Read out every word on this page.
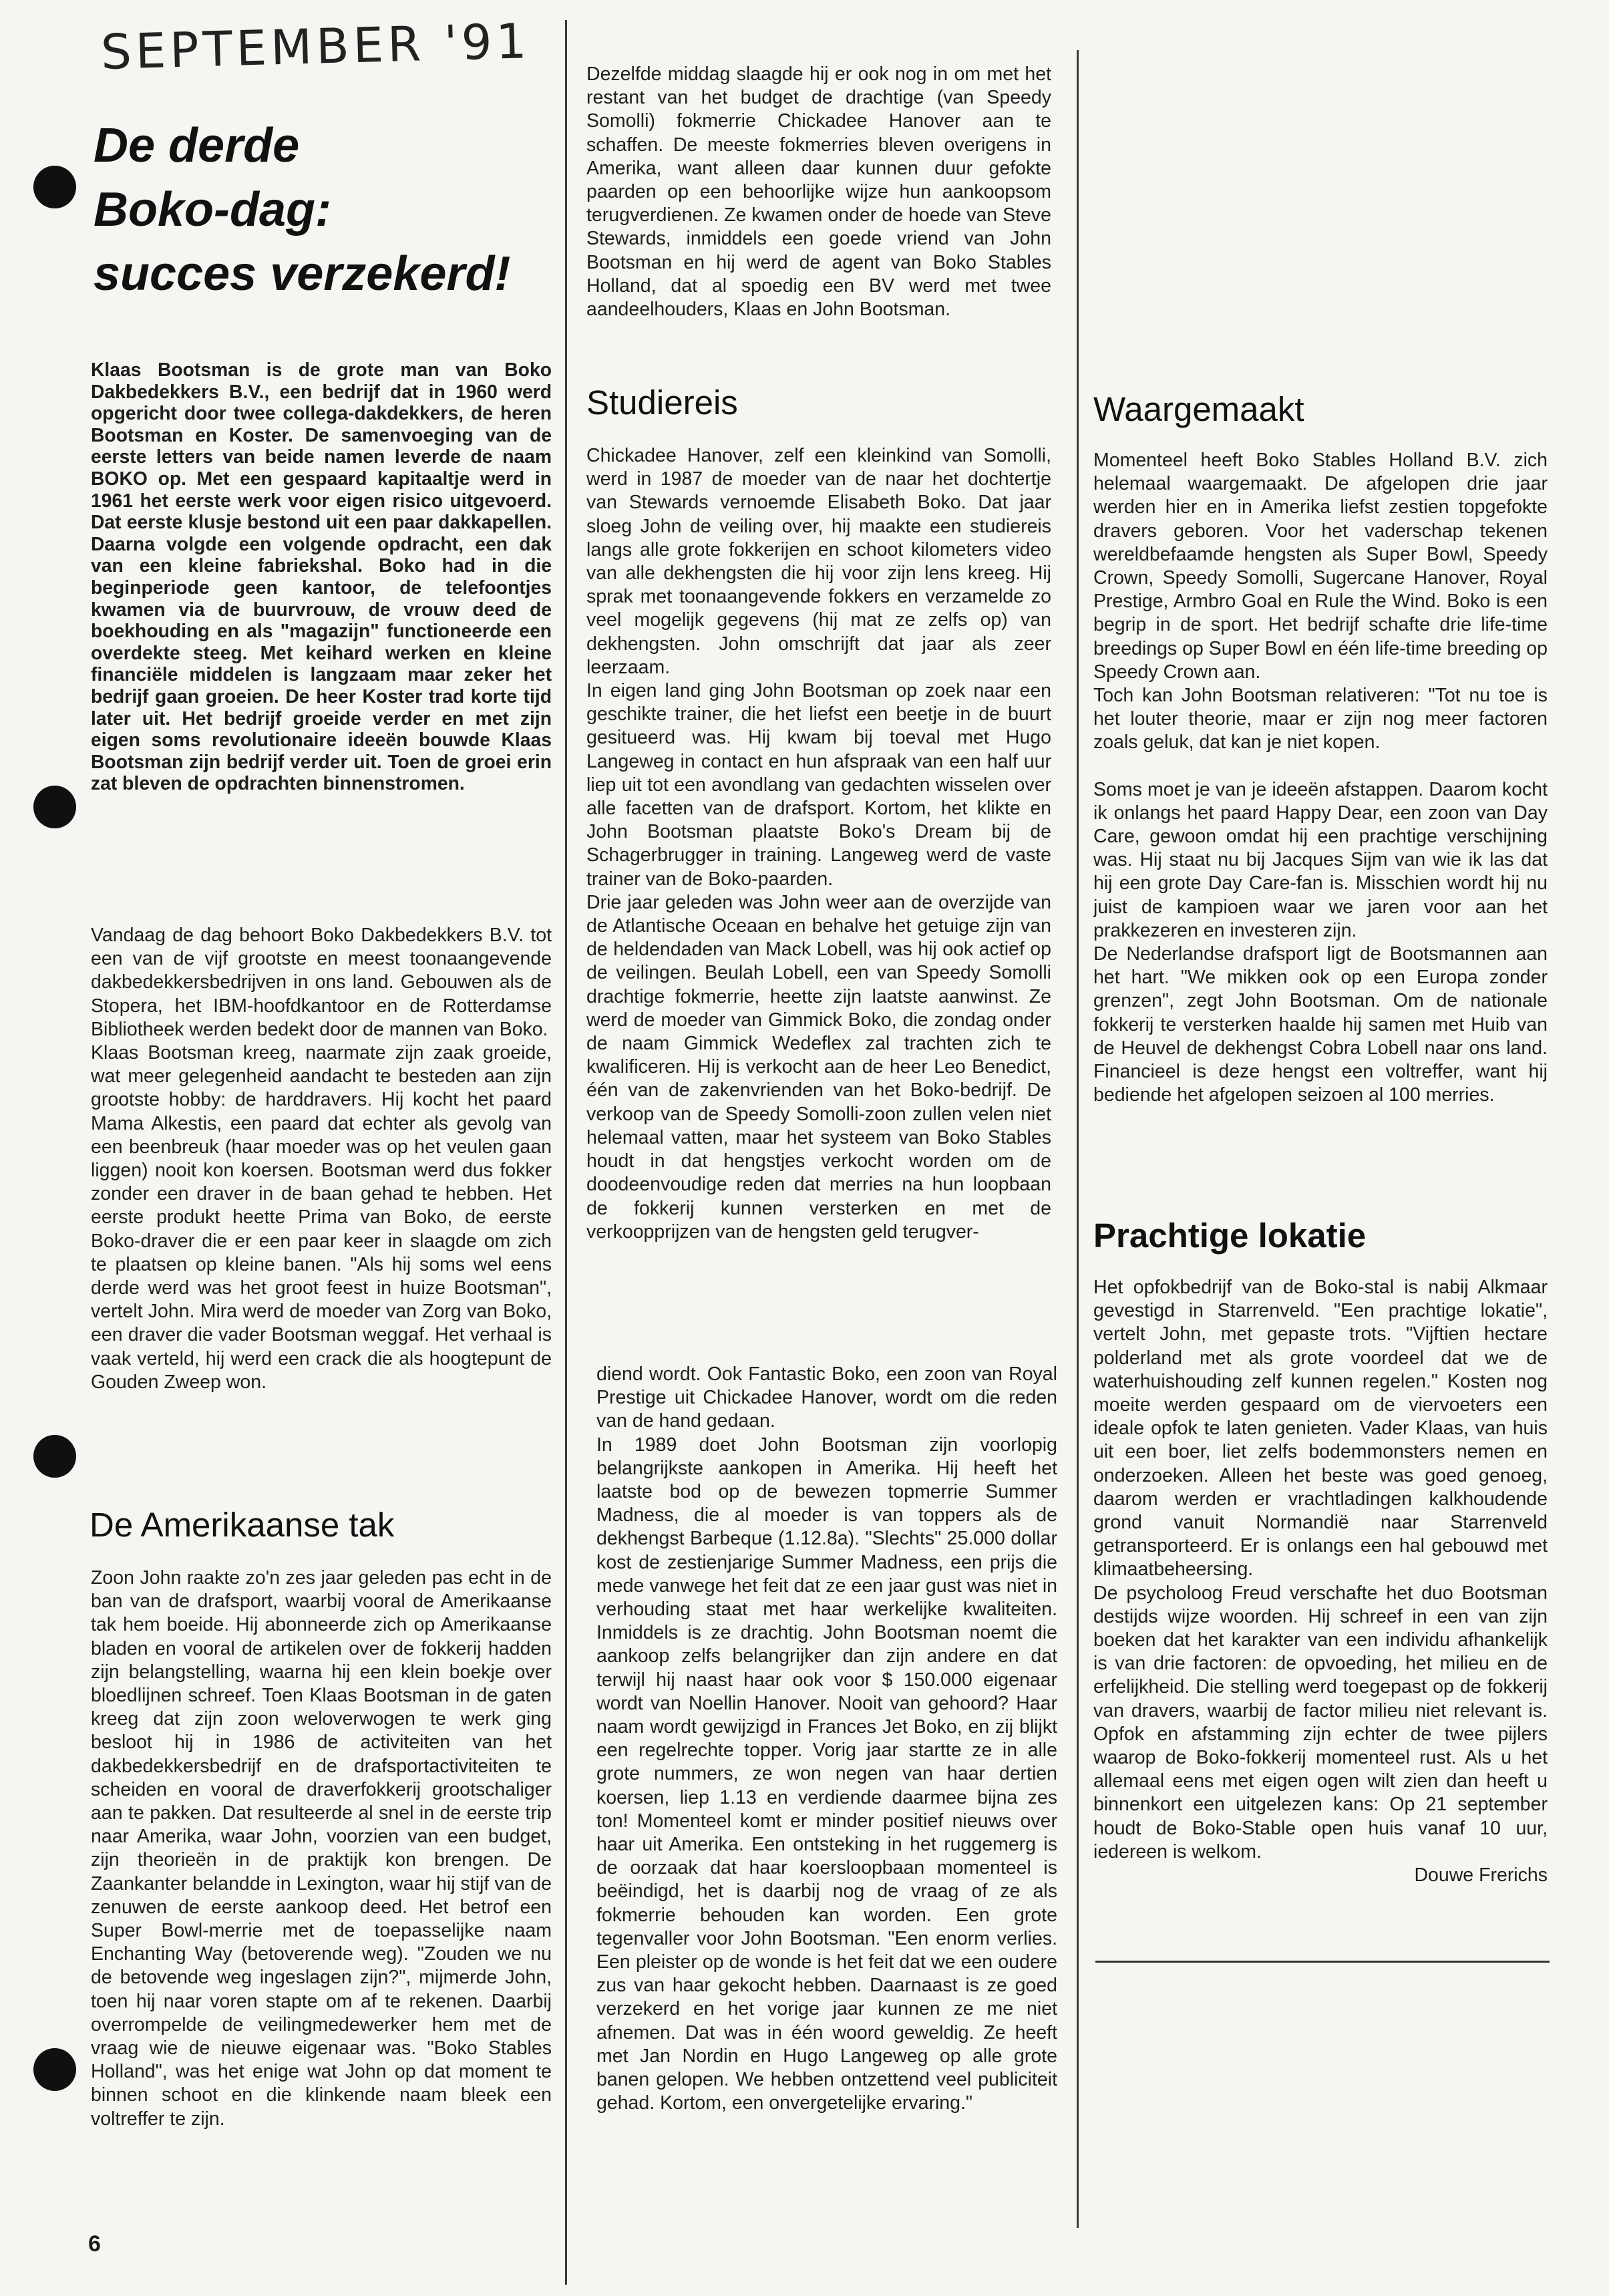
SEPTEMBER '91
De derde
Boko-dag:
succes verzekerd!

Klaas Bootsman is de grote man van Boko Dakbedekkers B.V., een bedrijf dat in 1960 werd opgericht door twee collega-dakdekkers, de heren Bootsman en Koster. De samenvoeging van de eerste letters van beide namen leverde de naam BOKO op. Met een gespaard kapitaaltje werd in 1961 het eerste werk voor eigen risico uitgevoerd. Dat eerste klusje bestond uit een paar dakkapellen. Daarna volgde een volgende opdracht, een dak van een kleine fabriekshal. Boko had in die beginperiode geen kantoor, de telefoontjes kwamen via de buurvrouw, de vrouw deed de boekhouding en als "magazijn" functioneerde een overdekte steeg. Met keihard werken en kleine financiële middelen is langzaam maar zeker het bedrijf gaan groeien. De heer Koster trad korte tijd later uit. Het bedrijf groeide verder en met zijn eigen soms revolutionaire ideeën bouwde Klaas Bootsman zijn bedrijf verder uit. Toen de groei erin zat bleven de opdrachten binnenstromen.

Vandaag de dag behoort Boko Dakbedekkers B.V. tot een van de vijf grootste en meest toonaangevende dakbedekkersbedrijven in ons land. Gebouwen als de Stopera, het IBM-hoofdkantoor en de Rotterdamse Bibliotheek werden bedekt door de mannen van Boko.

Klaas Bootsman kreeg, naarmate zijn zaak groeide, wat meer gelegenheid aandacht te besteden aan zijn grootste hobby: de harddravers. Hij kocht het paard Mama Alkestis, een paard dat echter als gevolg van een beenbreuk (haar moeder was op het veulen gaan liggen) nooit kon koersen. Bootsman werd dus fokker zonder een draver in de baan gehad te hebben. Het eerste produkt heette Prima van Boko, de eerste Boko-draver die er een paar keer in slaagde om zich te plaatsen op kleine banen. "Als hij soms wel eens derde werd was het groot feest in huize Bootsman", vertelt John. Mira werd de moeder van Zorg van Boko, een draver die vader Bootsman weggaf. Het verhaal is vaak verteld, hij werd een crack die als hoogtepunt de Gouden Zweep won.

De Amerikaanse tak

Zoon John raakte zo'n zes jaar geleden pas echt in de ban van de drafsport, waarbij vooral de Amerikaanse tak hem boeide. Hij abonneerde zich op Amerikaanse bladen en vooral de artikelen over de fokkerij hadden zijn belangstelling, waarna hij een klein boekje over bloedlijnen schreef. Toen Klaas Bootsman in de gaten kreeg dat zijn zoon weloverwogen te werk ging besloot hij in 1986 de activiteiten van het dakbedekkersbedrijf en de drafsportactiviteiten te scheiden en vooral de draverfokkerij grootschaliger aan te pakken. Dat resulteerde al snel in de eerste trip naar Amerika, waar John, voorzien van een budget, zijn theorieën in de praktijk kon brengen. De Zaankanter belandde in Lexington, waar hij stijf van de zenuwen de eerste aankoop deed. Het betrof een Super Bowl-merrie met de toepasselijke naam Enchanting Way (betoverende weg). "Zouden we nu de betovende weg ingeslagen zijn?", mijmerde John, toen hij naar voren stapte om af te rekenen. Daarbij overrompelde de veilingmedewerker hem met de vraag wie de nieuwe eigenaar was. "Boko Stables Holland", was het enige wat John op dat moment te binnen schoot en die klinkende naam bleek een voltreffer te zijn.

Dezelfde middag slaagde hij er ook nog in om met het restant van het budget de drachtige (van Speedy Somolli) fokmerrie Chickadee Hanover aan te schaffen. De meeste fokmerries bleven overigens in Amerika, want alleen daar kunnen duur gefokte paarden op een behoorlijke wijze hun aankoopsom terugverdienen. Ze kwamen onder de hoede van Steve Stewards, inmiddels een goede vriend van John Bootsman en hij werd de agent van Boko Stables Holland, dat al spoedig een BV werd met twee aandeelhouders, Klaas en John Bootsman.

Studiereis

Chickadee Hanover, zelf een kleinkind van Somolli, werd in 1987 de moeder van de naar het dochtertje van Stewards vernoemde Elisabeth Boko. Dat jaar sloeg John de veiling over, hij maakte een studiereis langs alle grote fokkerijen en schoot kilometers video van alle dekhengsten die hij voor zijn lens kreeg. Hij sprak met toonaangevende fokkers en verzamelde zo veel mogelijk gegevens (hij mat ze zelfs op) van dekhengsten. John omschrijft dat jaar als zeer leerzaam.

In eigen land ging John Bootsman op zoek naar een geschikte trainer, die het liefst een beetje in de buurt gesitueerd was. Hij kwam bij toeval met Hugo Langeweg in contact en hun afspraak van een half uur liep uit tot een avondlang van gedachten wisselen over alle facetten van de drafsport. Kortom, het klikte en John Bootsman plaatste Boko's Dream bij de Schagerbrugger in training. Langeweg werd de vaste trainer van de Boko-paarden.

Drie jaar geleden was John weer aan de overzijde van de Atlantische Oceaan en behalve het getuige zijn van de heldendaden van Mack Lobell, was hij ook actief op de veilingen. Beulah Lobell, een van Speedy Somolli drachtige fokmerrie, heette zijn laatste aanwinst. Ze werd de moeder van Gimmick Boko, die zondag onder de naam Gimmick Wedeflex zal trachten zich te kwalificeren. Hij is verkocht aan de heer Leo Benedict, één van de zakenvrienden van het Boko-bedrijf. De verkoop van de Speedy Somolli-zoon zullen velen niet helemaal vatten, maar het systeem van Boko Stables houdt in dat hengstjes verkocht worden om de doodeenvoudige reden dat merries na hun loopbaan de fokkerij kunnen versterken en met de verkoopprijzen van de hengsten geld terugver-

diend wordt. Ook Fantastic Boko, een zoon van Royal Prestige uit Chickadee Hanover, wordt om die reden van de hand gedaan.

In 1989 doet John Bootsman zijn voorlopig belangrijkste aankopen in Amerika. Hij heeft het laatste bod op de bewezen topmerrie Summer Madness, die al moeder is van toppers als de dekhengst Barbeque (1.12.8a). "Slechts" 25.000 dollar kost de zestienjarige Summer Madness, een prijs die mede vanwege het feit dat ze een jaar gust was niet in verhouding staat met haar werkelijke kwaliteiten. Inmiddels is ze drachtig. John Bootsman noemt die aankoop zelfs belangrijker dan zijn andere en dat terwijl hij naast haar ook voor $ 150.000 eigenaar wordt van Noellin Hanover. Nooit van gehoord? Haar naam wordt gewijzigd in Frances Jet Boko, en zij blijkt een regelrechte topper. Vorig jaar startte ze in alle grote nummers, ze won negen van haar dertien koersen, liep 1.13 en verdiende daarmee bijna zes ton! Momenteel komt er minder positief nieuws over haar uit Amerika. Een ontsteking in het ruggemerg is de oorzaak dat haar koersloopbaan momenteel is beëindigd, het is daarbij nog de vraag of ze als fokmerrie behouden kan worden. Een grote tegenvaller voor John Bootsman. "Een enorm verlies. Een pleister op de wonde is het feit dat we een oudere zus van haar gekocht hebben. Daarnaast is ze goed verzekerd en het vorige jaar kunnen ze me niet afnemen. Dat was in één woord geweldig. Ze heeft met Jan Nordin en Hugo Langeweg op alle grote banen gelopen. We hebben ontzettend veel publiciteit gehad. Kortom, een onvergetelijke ervaring."

Waargemaakt

Momenteel heeft Boko Stables Holland B.V. zich helemaal waargemaakt. De afgelopen drie jaar werden hier en in Amerika liefst zestien topgefokte dravers geboren. Voor het vaderschap tekenen wereldbefaamde hengsten als Super Bowl, Speedy Crown, Speedy Somolli, Sugercane Hanover, Royal Prestige, Armbro Goal en Rule the Wind. Boko is een begrip in de sport. Het bedrijf schafte drie life-time breedings op Super Bowl en één life-time breeding op Speedy Crown aan.

Toch kan John Bootsman relativeren: "Tot nu toe is het louter theorie, maar er zijn nog meer factoren zoals geluk, dat kan je niet kopen.

Soms moet je van je ideeën afstappen. Daarom kocht ik onlangs het paard Happy Dear, een zoon van Day Care, gewoon omdat hij een prachtige verschijning was. Hij staat nu bij Jacques Sijm van wie ik las dat hij een grote Day Care-fan is. Misschien wordt hij nu juist de kampioen waar we jaren voor aan het prakkezeren en investeren zijn.

De Nederlandse drafsport ligt de Bootsmannen aan het hart. "We mikken ook op een Europa zonder grenzen", zegt John Bootsman. Om de nationale fokkerij te versterken haalde hij samen met Huib van de Heuvel de dekhengst Cobra Lobell naar ons land. Financieel is deze hengst een voltreffer, want hij bediende het afgelopen seizoen al 100 merries.

Prachtige lokatie

Het opfokbedrijf van de Boko-stal is nabij Alkmaar gevestigd in Starrenveld. "Een prachtige lokatie", vertelt John, met gepaste trots. "Vijftien hectare polderland met als grote voordeel dat we de waterhuishouding zelf kunnen regelen." Kosten nog moeite werden gespaard om de viervoeters een ideale opfok te laten genieten. Vader Klaas, van huis uit een boer, liet zelfs bodemmonsters nemen en onderzoeken. Alleen het beste was goed genoeg, daarom werden er vrachtladingen kalkhoudende grond vanuit Normandië naar Starrenveld getransporteerd. Er is onlangs een hal gebouwd met klimaatbeheersing.

De psycholoog Freud verschafte het duo Bootsman destijds wijze woorden. Hij schreef in een van zijn boeken dat het karakter van een individu afhankelijk is van drie factoren: de opvoeding, het milieu en de erfelijkheid. Die stelling werd toegepast op de fokkerij van dravers, waarbij de factor milieu niet relevant is. Opfok en afstamming zijn echter de twee pijlers waarop de Boko-fokkerij momenteel rust. Als u het allemaal eens met eigen ogen wilt zien dan heeft u binnenkort een uitgelezen kans: Op 21 september houdt de Boko-Stable open huis vanaf 10 uur, iedereen is welkom.

Douwe Frerichs

6
